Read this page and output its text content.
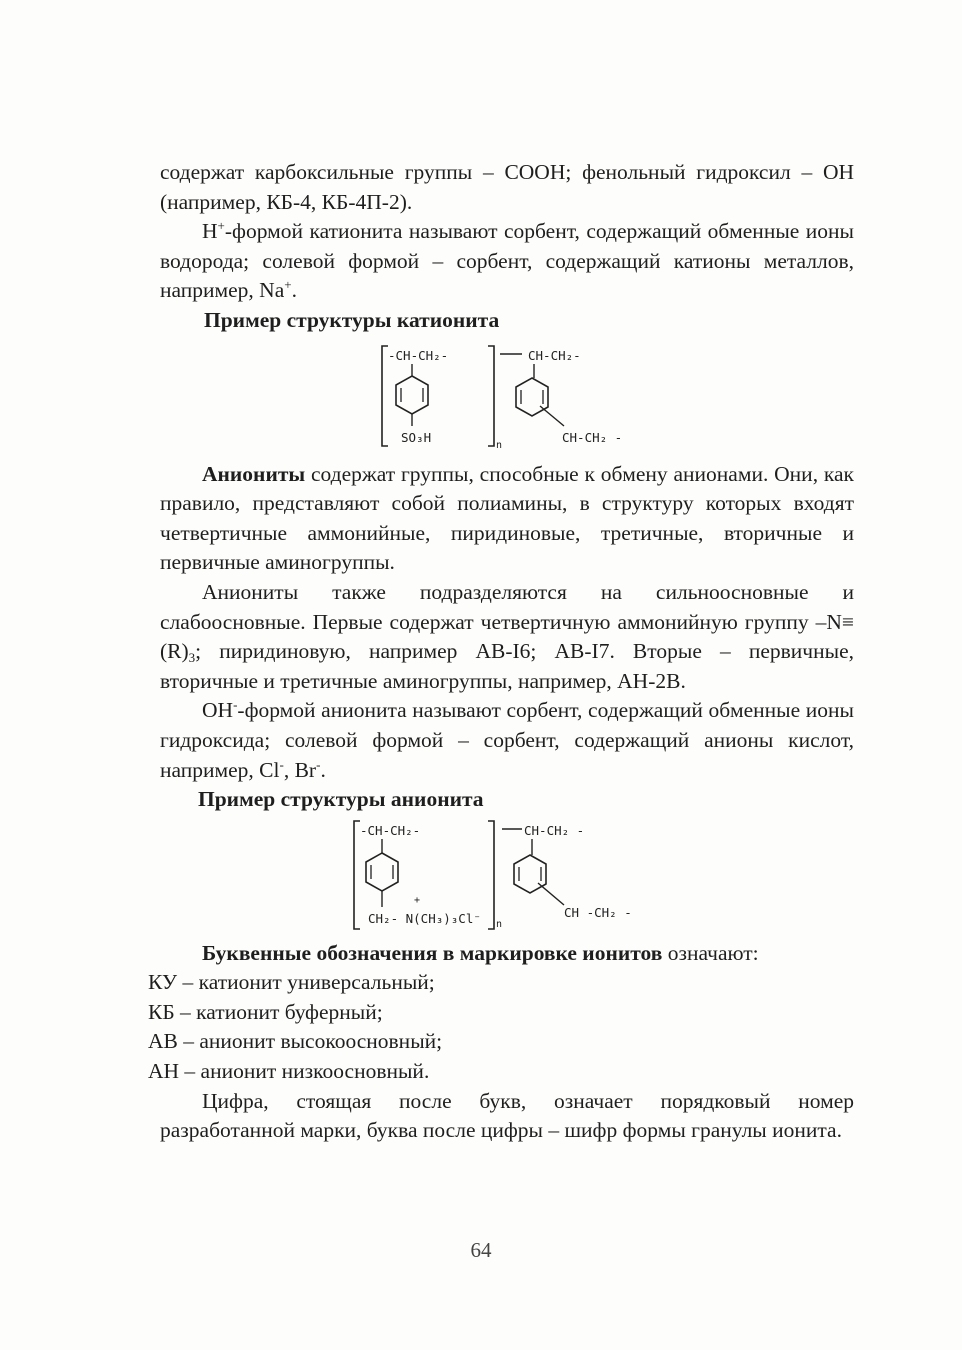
содержат карбоксильные группы – СООН; фенольный гидроксил – ОН (например, КБ-4, КБ-4П-2).

Н+-формой катионита называют сорбент, содержащий обменные ионы водорода; солевой формой – сорбент, содержащий катионы металлов, например, Na+.

Пример структуры катионита

-CH-CH₂-
SO₃H
n
CH-CH₂-
CH-CH₂ -

Аниониты содержат группы, способные к обмену анионами. Они, как правило, представляют собой полиамины, в структуру которых входят четвертичные аммонийные, пиридиновые, третичные, вторичные и первичные аминогруппы.

Аниониты также подразделяются на сильноосновные и слабоосновные. Первые содержат четвертичную аммонийную группу $-N\equiv (R)_3$; пиридиновую, например АВ-I6; АВ-I7. Вторые – первичные, вторичные и третичные аминогруппы, например, АН-2В.

ОН--формой анионита называют сорбент, содержащий обменные ионы гидроксида; солевой формой – сорбент, содержащий анионы кислот, например, Cl-, Br-.

Пример структуры анионита

-CH-CH₂-
+
CH₂- N(CH₃)₃Cl⁻ n
CH-CH₂ -
CH -CH₂ -

Буквенные обозначения в маркировке ионитов означают:

КУ – катионит универсальный;
КБ – катионит буферный;
АВ – анионит высокоосновный;
АН – анионит низкоосновный.

Цифра, стоящая после букв, означает порядковый номер разработанной марки, буква после цифры – шифр формы гранулы ионита.

64
